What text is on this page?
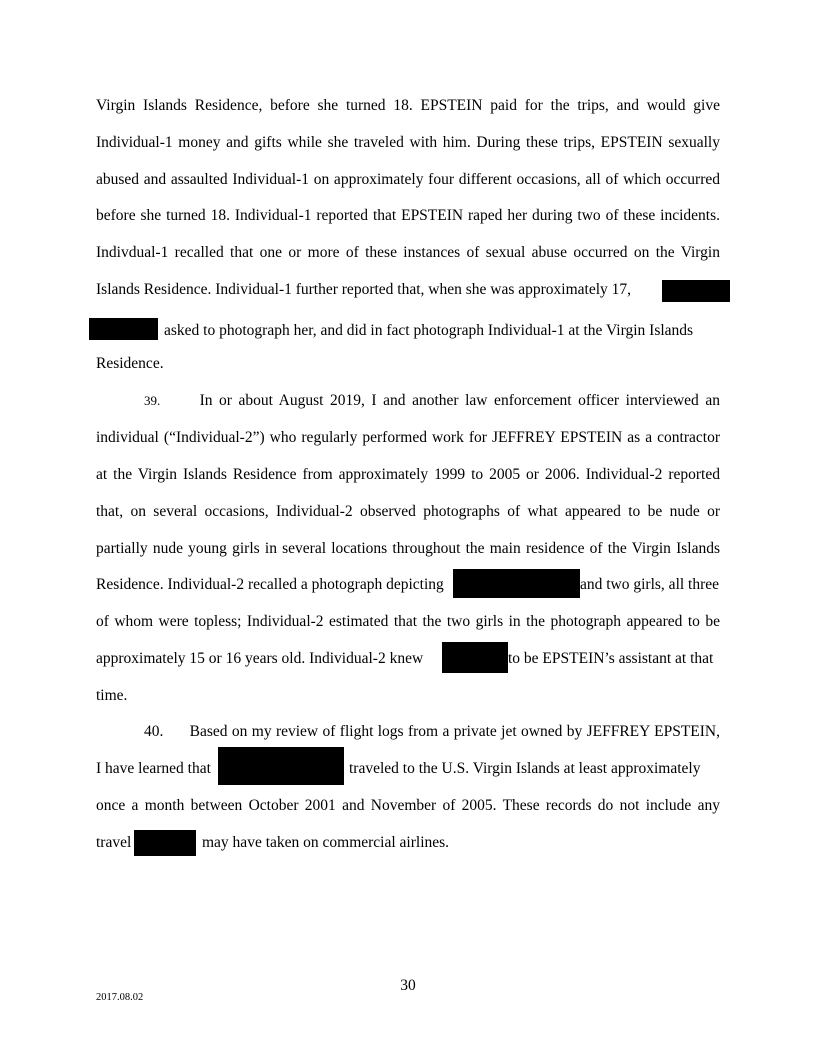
Virgin Islands Residence, before she turned 18. EPSTEIN paid for the trips, and would give
Individual-1 money and gifts while she traveled with him. During these trips, EPSTEIN sexually
abused and assaulted Individual-1 on approximately four different occasions, all of which occurred
before she turned 18. Individual-1 reported that EPSTEIN raped her during two of these incidents.
Indivdual-1 recalled that one or more of these instances of sexual abuse occurred on the Virgin
Islands Residence. Individual-1 further reported that, when she was approximately 17,
asked to photograph her, and did in fact photograph Individual-1 at the Virgin Islands
Residence.
39.	In or about August 2019, I and another law enforcement officer interviewed an
individual (“Individual-2”) who regularly performed work for JEFFREY EPSTEIN as a contractor
at the Virgin Islands Residence from approximately 1999 to 2005 or 2006. Individual-2 reported
that, on several occasions, Individual-2 observed photographs of what appeared to be nude or
partially nude young girls in several locations throughout the main residence of the Virgin Islands
Residence. Individual-2 recalled a photograph depicting	and two girls, all three
of whom were topless; Individual-2 estimated that the two girls in the photograph appeared to be
approximately 15 or 16 years old. Individual-2 knew	to be EPSTEIN’s assistant at that
time.
40. Based on my review of flight logs from a private jet owned by JEFFREY EPSTEIN,
I have learned that	traveled to the U.S. Virgin Islands at least approximately
once a month between October 2001 and November of 2005. These records do not include any
travel	may have taken on commercial airlines.
30
2017.08.02
